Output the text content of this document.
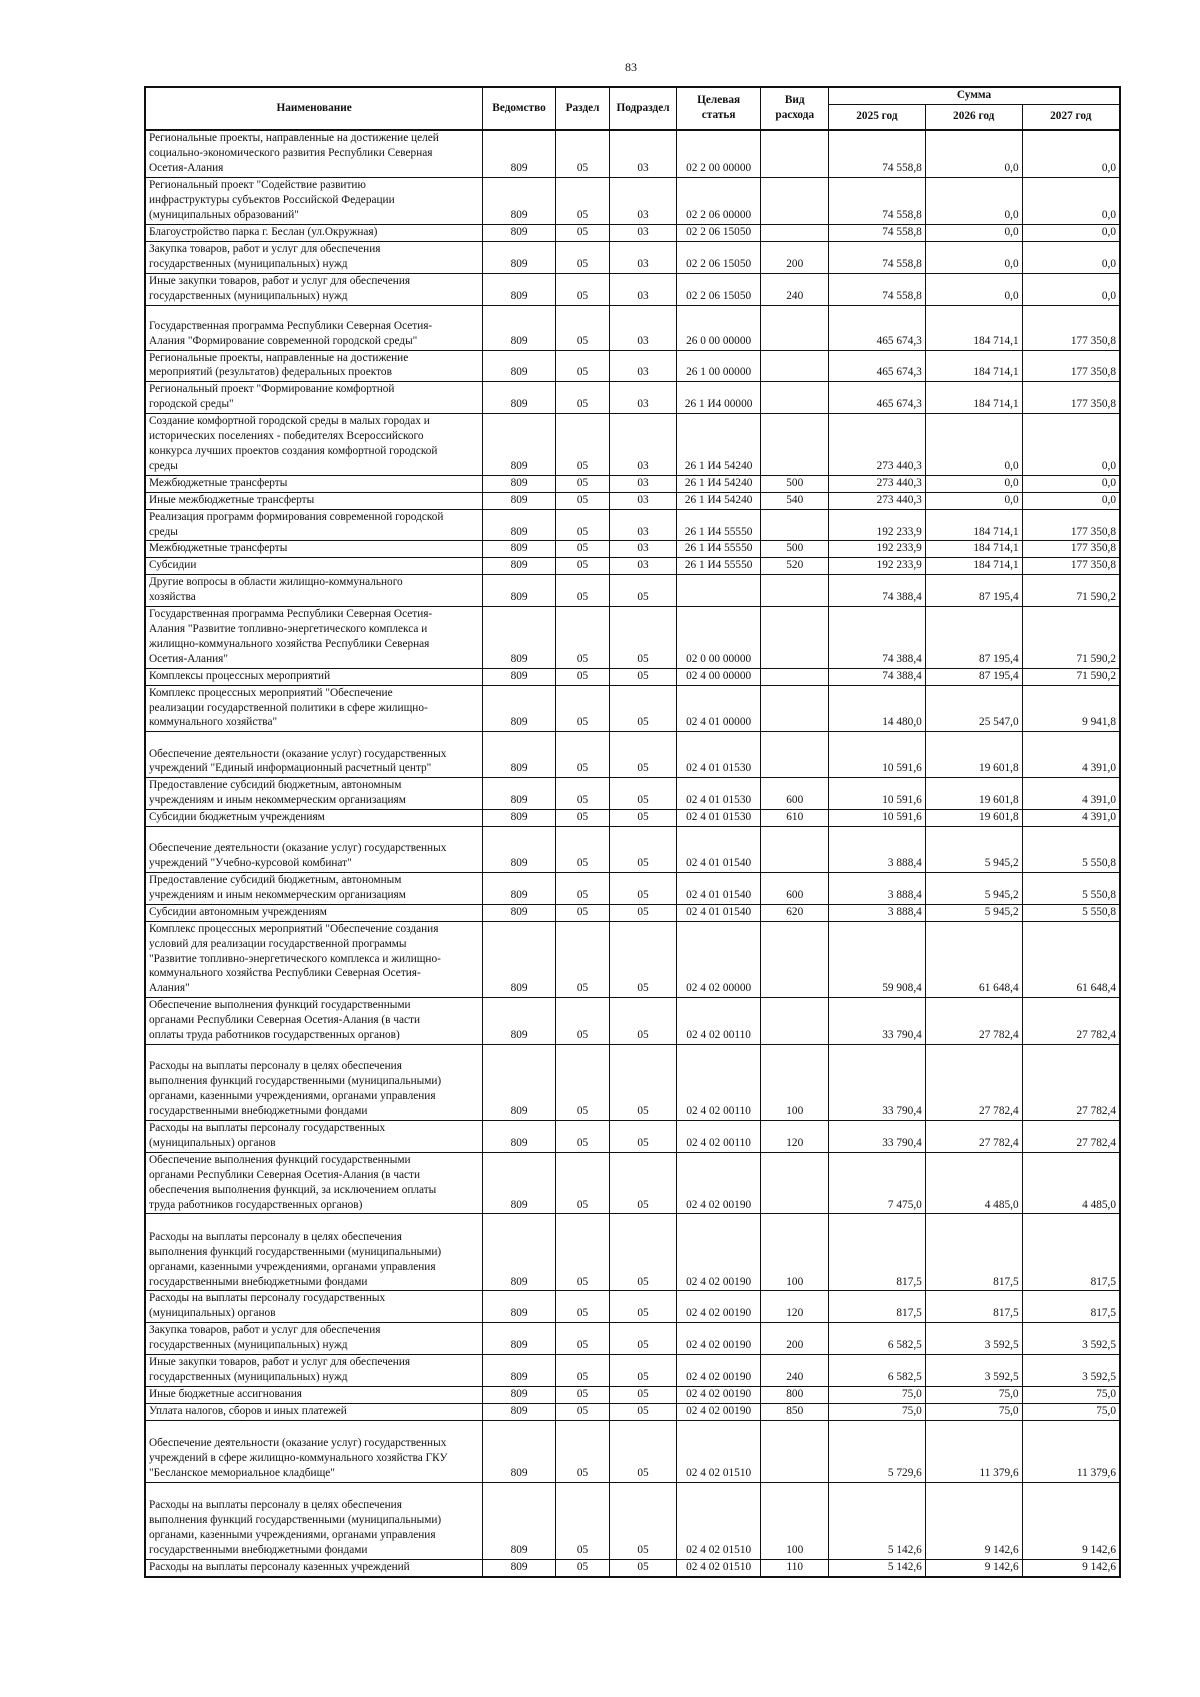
83
Наименование	Ведомство	Раздел	Подраздел	Целевая статья	Вид расхода	Сумма		
						2025 год	2026 год	2027 год
Региональные проекты, направленные на достижение целей
социально-экономического развития Республики Северная
Осетия-Алания	809	05	03	02 2 00 00000		74 558,8	0,0	0,0
Региональный проект "Содействие развитию
инфраструктуры субъектов Российской Федерации
(муниципальных образований"	809	05	03	02 2 06 00000		74 558,8	0,0	0,0
Благоустройство парка г. Беслан (ул.Окружная)	809	05	03	02 2 06 15050		74 558,8	0,0	0,0
Закупка товаров, работ и услуг для обеспечения
государственных (муниципальных) нужд	809	05	03	02 2 06 15050	200	74 558,8	0,0	0,0
Иные закупки товаров, работ и услуг для обеспечения
государственных (муниципальных) нужд	809	05	03	02 2 06 15050	240	74 558,8	0,0	0,0
Государственная программа Республики Северная Осетия-
Алания "Формирование современной городской среды"	809	05	03	26 0 00 00000		465 674,3	184 714,1	177 350,8
Региональные проекты, направленные на достижение
мероприятий (результатов) федеральных проектов	809	05	03	26 1 00 00000		465 674,3	184 714,1	177 350,8
Региональный проект "Формирование комфортной
городской среды"	809	05	03	26 1 И4 00000		465 674,3	184 714,1	177 350,8
Создание комфортной городской среды в малых городах и
исторических поселениях - победителях Всероссийского
конкурса лучших проектов создания комфортной городской
среды	809	05	03	26 1 И4 54240		273 440,3	0,0	0,0
Межбюджетные трансферты	809	05	03	26 1 И4 54240	500	273 440,3	0,0	0,0
Иные межбюджетные трансферты	809	05	03	26 1 И4 54240	540	273 440,3	0,0	0,0
Реализация программ формирования современной городской
среды	809	05	03	26 1 И4 55550		192 233,9	184 714,1	177 350,8
Межбюджетные трансферты	809	05	03	26 1 И4 55550	500	192 233,9	184 714,1	177 350,8
Субсидии	809	05	03	26 1 И4 55550	520	192 233,9	184 714,1	177 350,8
Другие вопросы в области жилищно-коммунального
хозяйства	809	05	05			74 388,4	87 195,4	71 590,2
Государственная программа Республики Северная Осетия-
Алания "Развитие топливно-энергетического комплекса и
жилищно-коммунального хозяйства Республики Северная
Осетия-Алания"	809	05	05	02 0 00 00000		74 388,4	87 195,4	71 590,2
Комплексы процессных мероприятий	809	05	05	02 4 00 00000		74 388,4	87 195,4	71 590,2
Комплекс процессных мероприятий "Обеспечение
реализации государственной политики в сфере жилищно-
коммунального хозяйства"	809	05	05	02 4 01 00000		14 480,0	25 547,0	9 941,8
Обеспечение деятельности (оказание услуг) государственных
учреждений "Единый информационный расчетный центр"	809	05	05	02 4 01 01530		10 591,6	19 601,8	4 391,0
Предоставление субсидий бюджетным, автономным
учреждениям и иным некоммерческим организациям	809	05	05	02 4 01 01530	600	10 591,6	19 601,8	4 391,0
Субсидии бюджетным учреждениям	809	05	05	02 4 01 01530	610	10 591,6	19 601,8	4 391,0
Обеспечение деятельности (оказание услуг) государственных
учреждений "Учебно-курсовой комбинат"	809	05	05	02 4 01 01540		3 888,4	5 945,2	5 550,8
Предоставление субсидий бюджетным, автономным
учреждениям и иным некоммерческим организациям	809	05	05	02 4 01 01540	600	3 888,4	5 945,2	5 550,8
Субсидии автономным учреждениям	809	05	05	02 4 01 01540	620	3 888,4	5 945,2	5 550,8
Комплекс процессных мероприятий "Обеспечение создания
условий для реализации государственной программы
"Развитие топливно-энергетического комплекса и жилищно-
коммунального хозяйства Республики Северная Осетия-
Алания"	809	05	05	02 4 02 00000		59 908,4	61 648,4	61 648,4
Обеспечение выполнения функций государственными
органами Республики Северная Осетия-Алания (в части
оплаты труда работников государственных органов)	809	05	05	02 4 02 00110		33 790,4	27 782,4	27 782,4
Расходы на выплаты персоналу в целях обеспечения
выполнения функций государственными (муниципальными)
органами, казенными учреждениями, органами управления
государственными внебюджетными фондами	809	05	05	02 4 02 00110	100	33 790,4	27 782,4	27 782,4
Расходы на выплаты персоналу государственных
(муниципальных) органов	809	05	05	02 4 02 00110	120	33 790,4	27 782,4	27 782,4
Обеспечение выполнения функций государственными
органами Республики Северная Осетия-Алания (в части
обеспечения выполнения функций, за исключением оплаты
труда работников государственных органов)	809	05	05	02 4 02 00190		7 475,0	4 485,0	4 485,0
Расходы на выплаты персоналу в целях обеспечения
выполнения функций государственными (муниципальными)
органами, казенными учреждениями, органами управления
государственными внебюджетными фондами	809	05	05	02 4 02 00190	100	817,5	817,5	817,5
Расходы на выплаты персоналу государственных
(муниципальных) органов	809	05	05	02 4 02 00190	120	817,5	817,5	817,5
Закупка товаров, работ и услуг для обеспечения
государственных (муниципальных) нужд	809	05	05	02 4 02 00190	200	6 582,5	3 592,5	3 592,5
Иные закупки товаров, работ и услуг для обеспечения
государственных (муниципальных) нужд	809	05	05	02 4 02 00190	240	6 582,5	3 592,5	3 592,5
Иные бюджетные ассигнования	809	05	05	02 4 02 00190	800	75,0	75,0	75,0
Уплата налогов, сборов и иных платежей	809	05	05	02 4 02 00190	850	75,0	75,0	75,0
Обеспечение деятельности (оказание услуг) государственных
учреждений в сфере жилищно-коммунального хозяйства ГКУ
"Бесланское мемориальное кладбище"	809	05	05	02 4 02 01510		5 729,6	11 379,6	11 379,6
Расходы на выплаты персоналу в целях обеспечения
выполнения функций государственными (муниципальными)
органами, казенными учреждениями, органами управления
государственными внебюджетными фондами	809	05	05	02 4 02 01510	100	5 142,6	9 142,6	9 142,6
Расходы на выплаты персоналу казенных учреждений	809	05	05	02 4 02 01510	110	5 142,6	9 142,6	9 142,6
